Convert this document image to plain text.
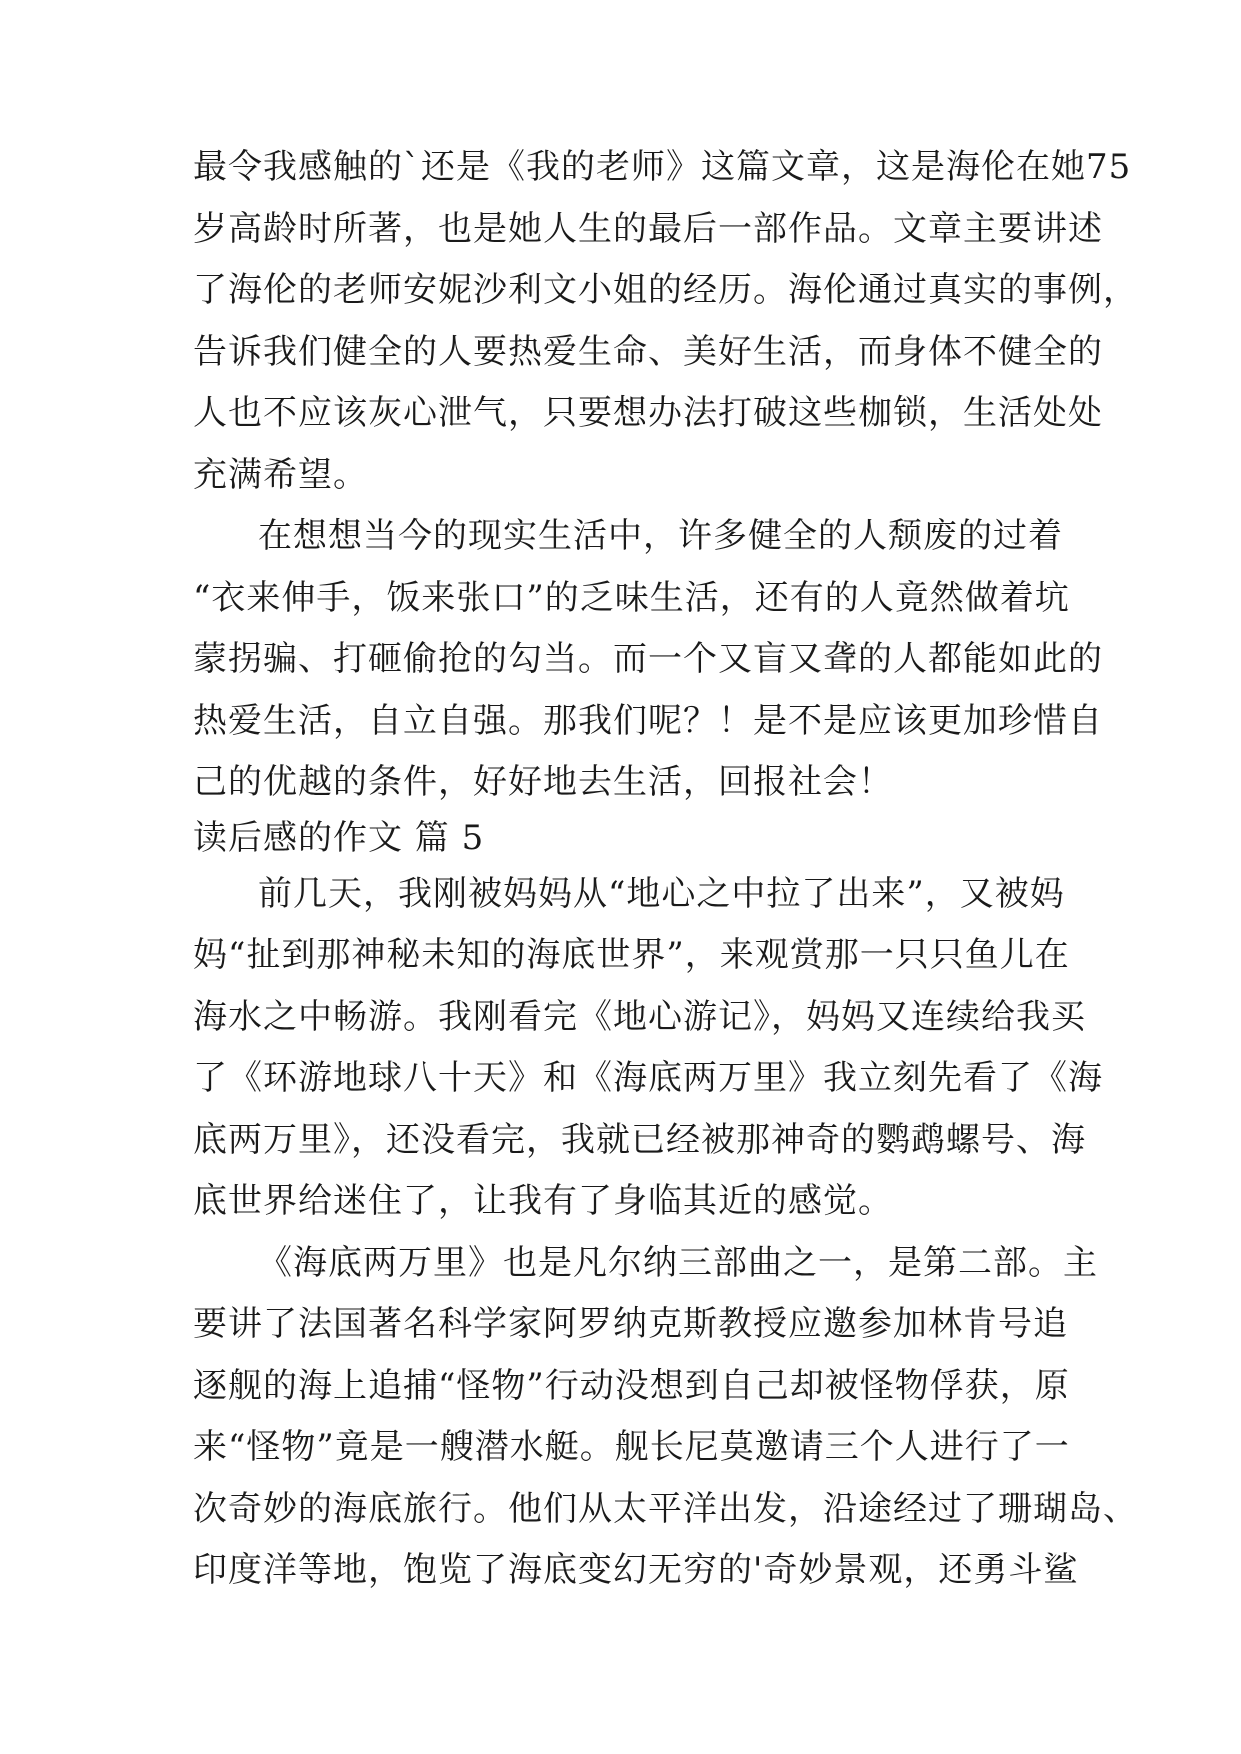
最令我感触的`还是《我的老师》这篇文章，这是海伦在她75
岁高龄时所著，也是她人生的最后一部作品。文章主要讲述
了海伦的老师安妮沙利文小姐的经历。海伦通过真实的事例，
告诉我们健全的人要热爱生命、美好生活，而身体不健全的
人也不应该灰心泄气，只要想办法打破这些枷锁，生活处处
充满希望。
在想想当今的现实生活中，许多健全的人颓废的过着
“衣来伸手，饭来张口”的乏味生活，还有的人竟然做着坑
蒙拐骗、打砸偷抢的勾当。而一个又盲又聋的人都能如此的
热爱生活，自立自强。那我们呢？！是不是应该更加珍惜自
己的优越的条件，好好地去生活，回报社会！
读后感的作文 篇 5
前几天，我刚被妈妈从“地心之中拉了出来”，又被妈
妈“扯到那神秘未知的海底世界”，来观赏那一只只鱼儿在
海水之中畅游。我刚看完《地心游记》，妈妈又连续给我买
了《环游地球八十天》和《海底两万里》我立刻先看了《海
底两万里》，还没看完，我就已经被那神奇的鹦鹉螺号、海
底世界给迷住了，让我有了身临其近的感觉。
《海底两万里》也是凡尔纳三部曲之一，是第二部。主
要讲了法国著名科学家阿罗纳克斯教授应邀参加林肯号追
逐舰的海上追捕“怪物”行动没想到自己却被怪物俘获，原
来“怪物”竟是一艘潜水艇。舰长尼莫邀请三个人进行了一
次奇妙的海底旅行。他们从太平洋出发，沿途经过了珊瑚岛、
印度洋等地，饱览了海底变幻无穷的'奇妙景观，还勇斗鲨
